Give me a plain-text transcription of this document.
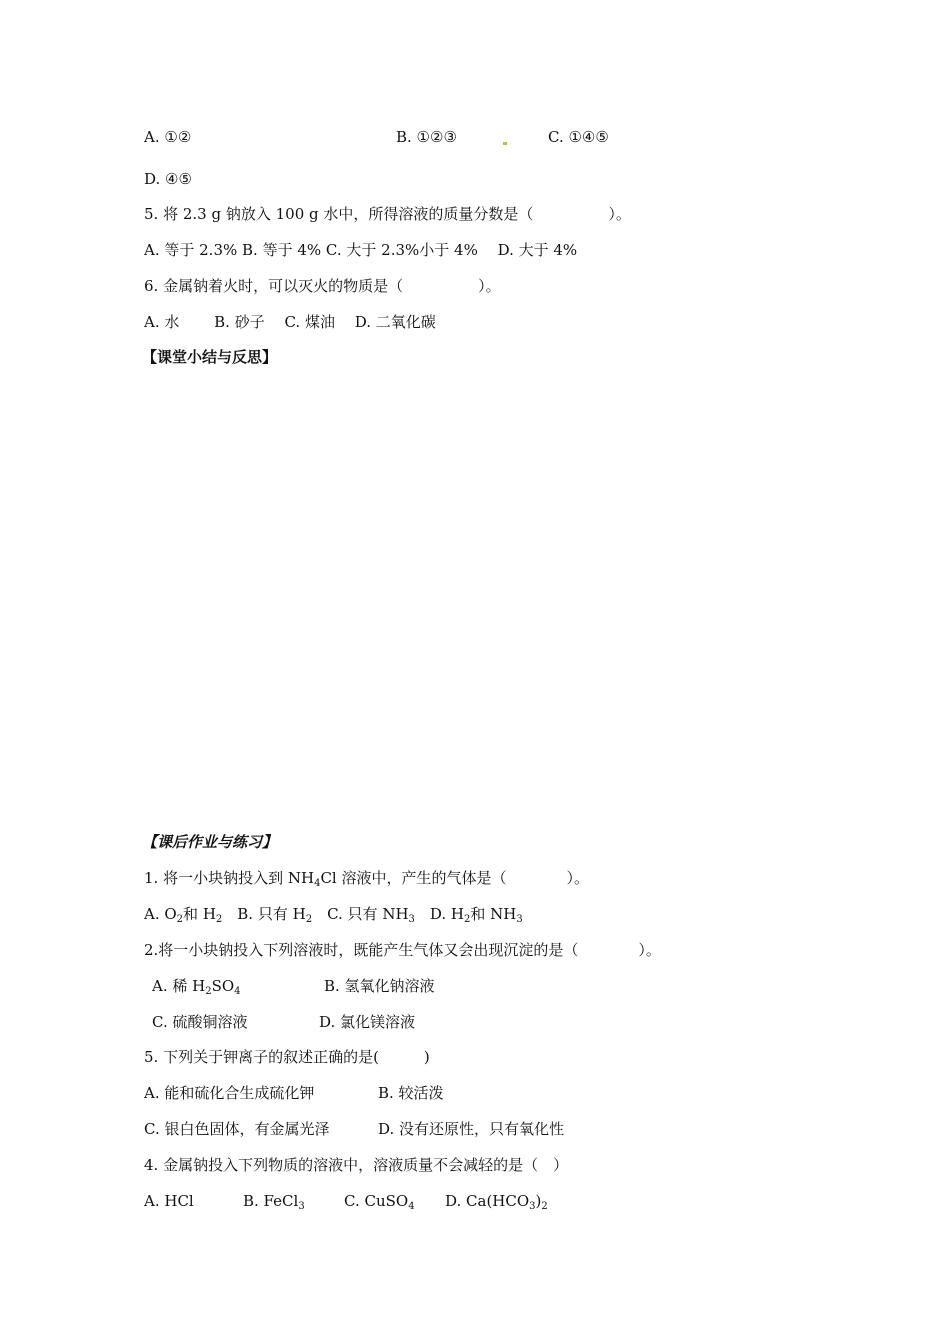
A. ①②	B. ①②③	C. ①④⑤
D. ④⑤
5. 将 2.3 g 钠放入 100 g 水中，所得溶液的质量分数是（　　　　　）。
A. 等于 2.3% B. 等于 4% C. 大于 2.3%小于 4%　 D. 大于 4%
6. 金属钠着火时，可以灭火的物质是（　　　　　）。
A. 水　　 B. 砂子　 C. 煤油　 D. 二氧化碳
【课堂小结与反思】
【课后作业与练习】
1. 将一小块钠投入到 $NH_4Cl$ 溶液中，产生的气体是（　　　　）。
A. $O_2$和 $H_2$　B. 只有 $H_2$　C. 只有 $NH_3$　D. $H_2$和 $NH_3$
2.将一小块钠投入下列溶液时，既能产生气体又会出现沉淀的是（　　　　）。
A. 稀 $H_2SO_4$	B. 氢氧化钠溶液
C. 硫酸铜溶液	D. 氯化镁溶液
5. 下列关于钾离子的叙述正确的是(　　　)
A. 能和硫化合生成硫化钾	B. 较活泼
C. 银白色固体，有金属光泽	D. 没有还原性，只有氧化性
4. 金属钠投入下列物质的溶液中，溶液质量不会减轻的是（　）
A. HCl	B. FeCl$_3$	C. CuSO$_4$ D. $Ca(HCO_3)_2$
